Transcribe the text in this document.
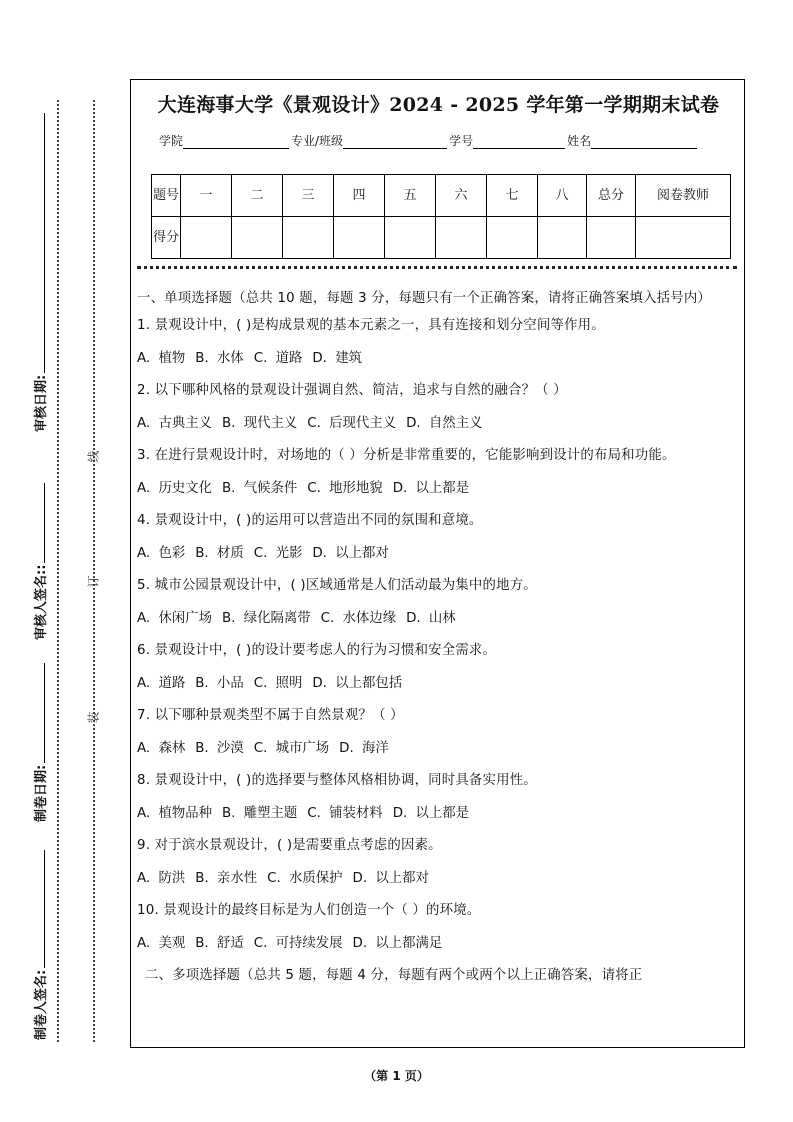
审核日期:
审核人签名::
制卷日期:
制卷人签名:
线
订
装
大连海事大学《景观设计》2024 - 2025 学年第一学期期末试卷
学院	专业/班级	学号	姓名
题号	一	二	三	四	五	六	七	八	总分	阅卷教师
得分										
一、单项选择题（总共 10 题，每题 3 分，每题只有一个正确答案，请将正确答案填入括号内）
1. 景观设计中，( )是构成景观的基本元素之一，具有连接和划分空间等作用。
A. 植物 B. 水体 C. 道路 D. 建筑
2. 以下哪种风格的景观设计强调自然、简洁，追求与自然的融合？（ ）
A. 古典主义 B. 现代主义 C. 后现代主义 D. 自然主义
3. 在进行景观设计时，对场地的（ ）分析是非常重要的，它能影响到设计的布局和功能。
A. 历史文化 B. 气候条件 C. 地形地貌 D. 以上都是
4. 景观设计中，( )的运用可以营造出不同的氛围和意境。
A. 色彩 B. 材质 C. 光影 D. 以上都对
5. 城市公园景观设计中，( )区域通常是人们活动最为集中的地方。
A. 休闲广场 B. 绿化隔离带 C. 水体边缘 D. 山林
6. 景观设计中，( )的设计要考虑人的行为习惯和安全需求。
A. 道路 B. 小品 C. 照明 D. 以上都包括
7. 以下哪种景观类型不属于自然景观？（ ）
A. 森林 B. 沙漠 C. 城市广场 D. 海洋
8. 景观设计中，( )的选择要与整体风格相协调，同时具备实用性。
A. 植物品种 B. 雕塑主题 C. 铺装材料 D. 以上都是
9. 对于滨水景观设计，( )是需要重点考虑的因素。
A. 防洪 B. 亲水性 C. 水质保护 D. 以上都对
10. 景观设计的最终目标是为人们创造一个（ ）的环境。
A. 美观 B. 舒适 C. 可持续发展 D. 以上都满足
二、多项选择题（总共 5 题，每题 4 分，每题有两个或两个以上正确答案，请将正
（第 1 页）
